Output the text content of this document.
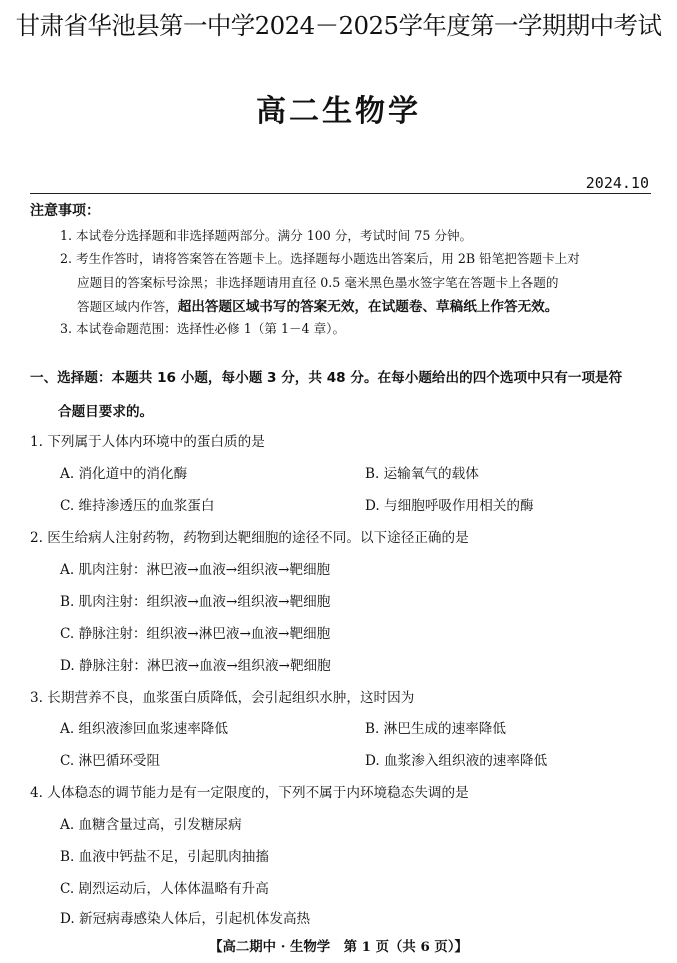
甘肃省华池县第一中学2024－2025学年度第一学期期中考试
高二生物学
2024.10
注意事项：
1. 本试卷分选择题和非选择题两部分。满分 100 分，考试时间 75 分钟。
2. 考生作答时，请将答案答在答题卡上。选择题每小题选出答案后，用 2B 铅笔把答题卡上对
应题目的答案标号涂黑；非选择题请用直径 0.5 毫米黑色墨水签字笔在答题卡上各题的
答题区域内作答，超出答题区域书写的答案无效，在试题卷、草稿纸上作答无效。
3. 本试卷命题范围：选择性必修 1（第 1－4 章）。
一、选择题：本题共 16 小题，每小题 3 分，共 48 分。在每小题给出的四个选项中只有一项是符
合题目要求的。
1. 下列属于人体内环境中的蛋白质的是
A. 消化道中的消化酶	B. 运输氧气的载体
C. 维持渗透压的血浆蛋白	D. 与细胞呼吸作用相关的酶
2. 医生给病人注射药物，药物到达靶细胞的途径不同。以下途径正确的是
A. 肌肉注射：淋巴液→血液→组织液→靶细胞
B. 肌肉注射：组织液→血液→组织液→靶细胞
C. 静脉注射：组织液→淋巴液→血液→靶细胞
D. 静脉注射：淋巴液→血液→组织液→靶细胞
3. 长期营养不良，血浆蛋白质降低，会引起组织水肿，这时因为
A. 组织液渗回血浆速率降低	B. 淋巴生成的速率降低
C. 淋巴循环受阻	D. 血浆渗入组织液的速率降低
4. 人体稳态的调节能力是有一定限度的，下列不属于内环境稳态失调的是
A. 血糖含量过高，引发糖尿病
B. 血液中钙盐不足，引起肌肉抽搐
C. 剧烈运动后，人体体温略有升高
D. 新冠病毒感染人体后，引起机体发高热
【高二期中 · 生物学　第 1 页（共 6 页）】
